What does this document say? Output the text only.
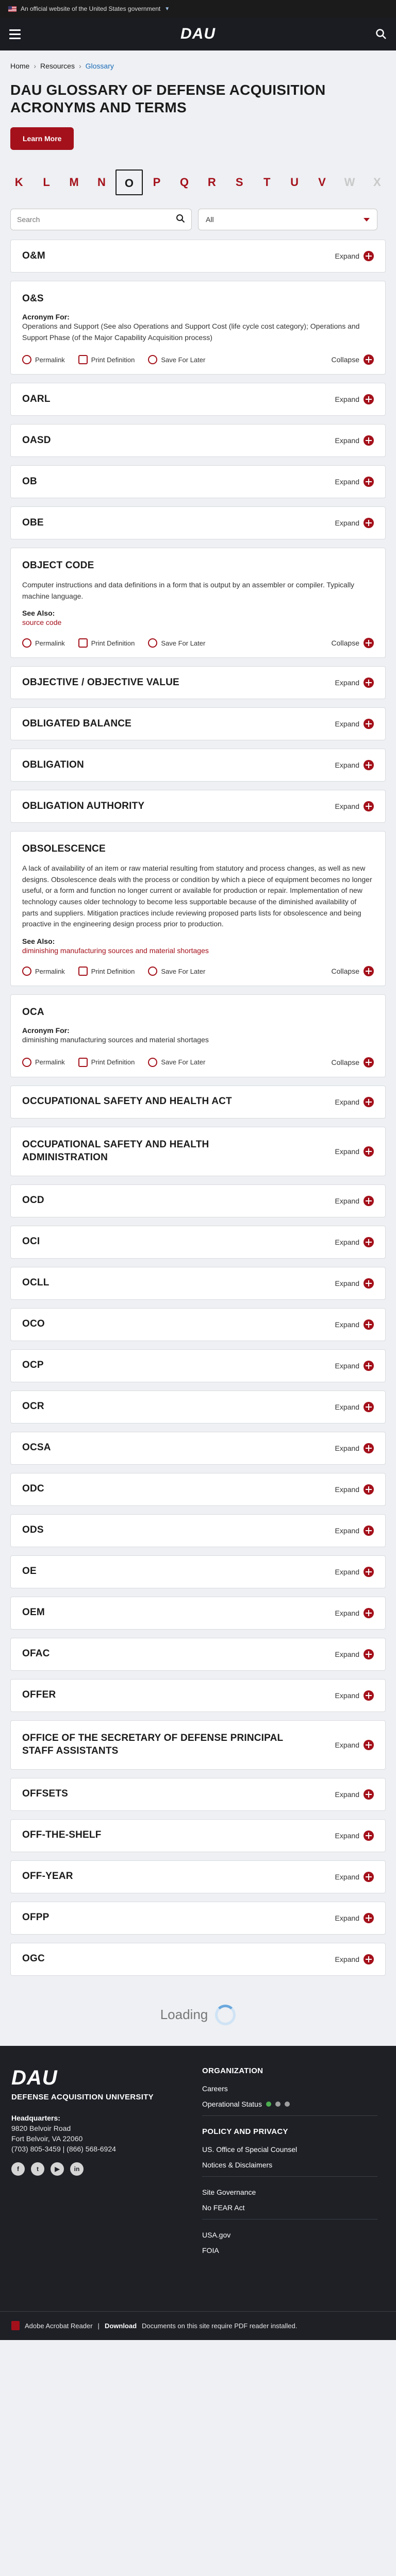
An official website of the United States government ▼
DAU
Home › Resources › Glossary
DAU GLOSSARY OF DEFENSE ACQUISITION ACRONYMS AND TERMS
Learn More
K	L	M	N	O	P	Q	R	S	T	U	V	W	X
Search
All
O&M	Expand
O&S
Acronym For:
Operations and Support (See also Operations and Support Cost (life cycle cost category); Operations and Support Phase (of the Major Capability Acquisition process)
Permalink	Print Definition	Save For Later	Collapse
OARL	Expand
OASD	Expand
OB	Expand
OBE	Expand
OBJECT CODE
Computer instructions and data definitions in a form that is output by an assembler or compiler. Typically machine language.
See Also:
source code
Permalink	Print Definition	Save For Later	Collapse
OBJECTIVE / OBJECTIVE VALUE	Expand
OBLIGATED BALANCE	Expand
OBLIGATION	Expand
OBLIGATION AUTHORITY	Expand
OBSOLESCENCE
A lack of availability of an item or raw material resulting from statutory and process changes, as well as new designs. Obsolescence deals with the process or condition by which a piece of equipment becomes no longer useful, or a form and function no longer current or available for production or repair. Implementation of new technology causes older technology to become less supportable because of the diminished availability of parts and suppliers. Mitigation practices include reviewing proposed parts lists for obsolescence and being proactive in the engineering design process prior to production.
See Also:
diminishing manufacturing sources and material shortages
Permalink	Print Definition	Save For Later	Collapse
OCA
Acronym For:
diminishing manufacturing sources and material shortages
Permalink	Print Definition	Save For Later	Collapse
OCCUPATIONAL SAFETY AND HEALTH ACT	Expand
OCCUPATIONAL SAFETY AND HEALTH ADMINISTRATION
Expand
OCD	Expand
OCI	Expand
OCLL	Expand
OCO	Expand
OCP	Expand
OCR	Expand
OCSA	Expand
ODC	Expand
ODS	Expand
OE	Expand
OEM	Expand
OFAC	Expand
OFFER	Expand
OFFICE OF THE SECRETARY OF DEFENSE PRINCIPAL STAFF ASSISTANTS
Expand
OFFSETS	Expand
OFF-THE-SHELF	Expand
OFF-YEAR	Expand
OFPP	Expand
OGC	Expand
Loading
DAU
DEFENSE ACQUISITION UNIVERSITY
Headquarters:
9820 Belvoir Road
Fort Belvoir, VA 22060
(703) 805-3459 | (866) 568-6924
f	t	▶	in
ORGANIZATION
Careers
Operational Status
POLICY AND PRIVACY
US. Office of Special Counsel
Notices & Disclaimers
Site Governance
No FEAR Act
USA.gov
FOIA
Adobe Acrobat Reader | Download Documents on this site require PDF reader installed.
